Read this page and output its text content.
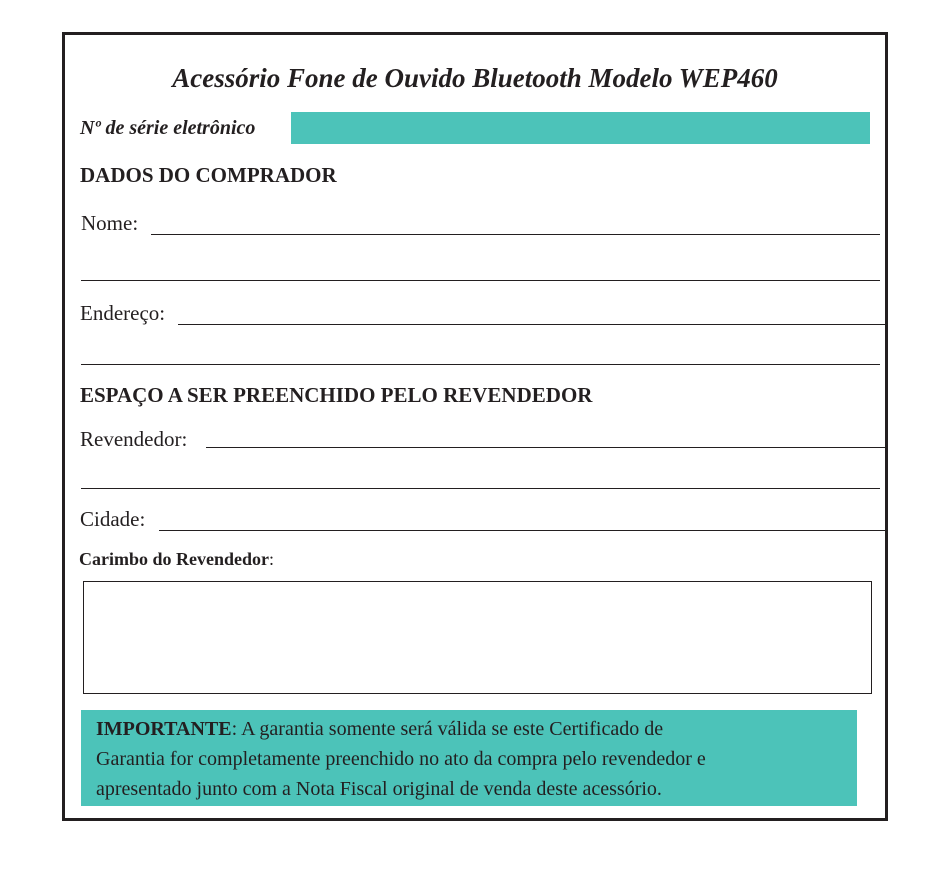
Acessório Fone de Ouvido Bluetooth Modelo WEP460
Nº de série eletrônico
DADOS DO COMPRADOR
Nome:
Endereço:
ESPAÇO A SER PREENCHIDO PELO REVENDEDOR
Revendedor:
Cidade:
Carimbo do Revendedor:
IMPORTANTE: A garantia somente será válida se este Certificado de
Garantia for completamente preenchido no ato da compra pelo revendedor e
apresentado junto com a Nota Fiscal original de venda deste acessório.
